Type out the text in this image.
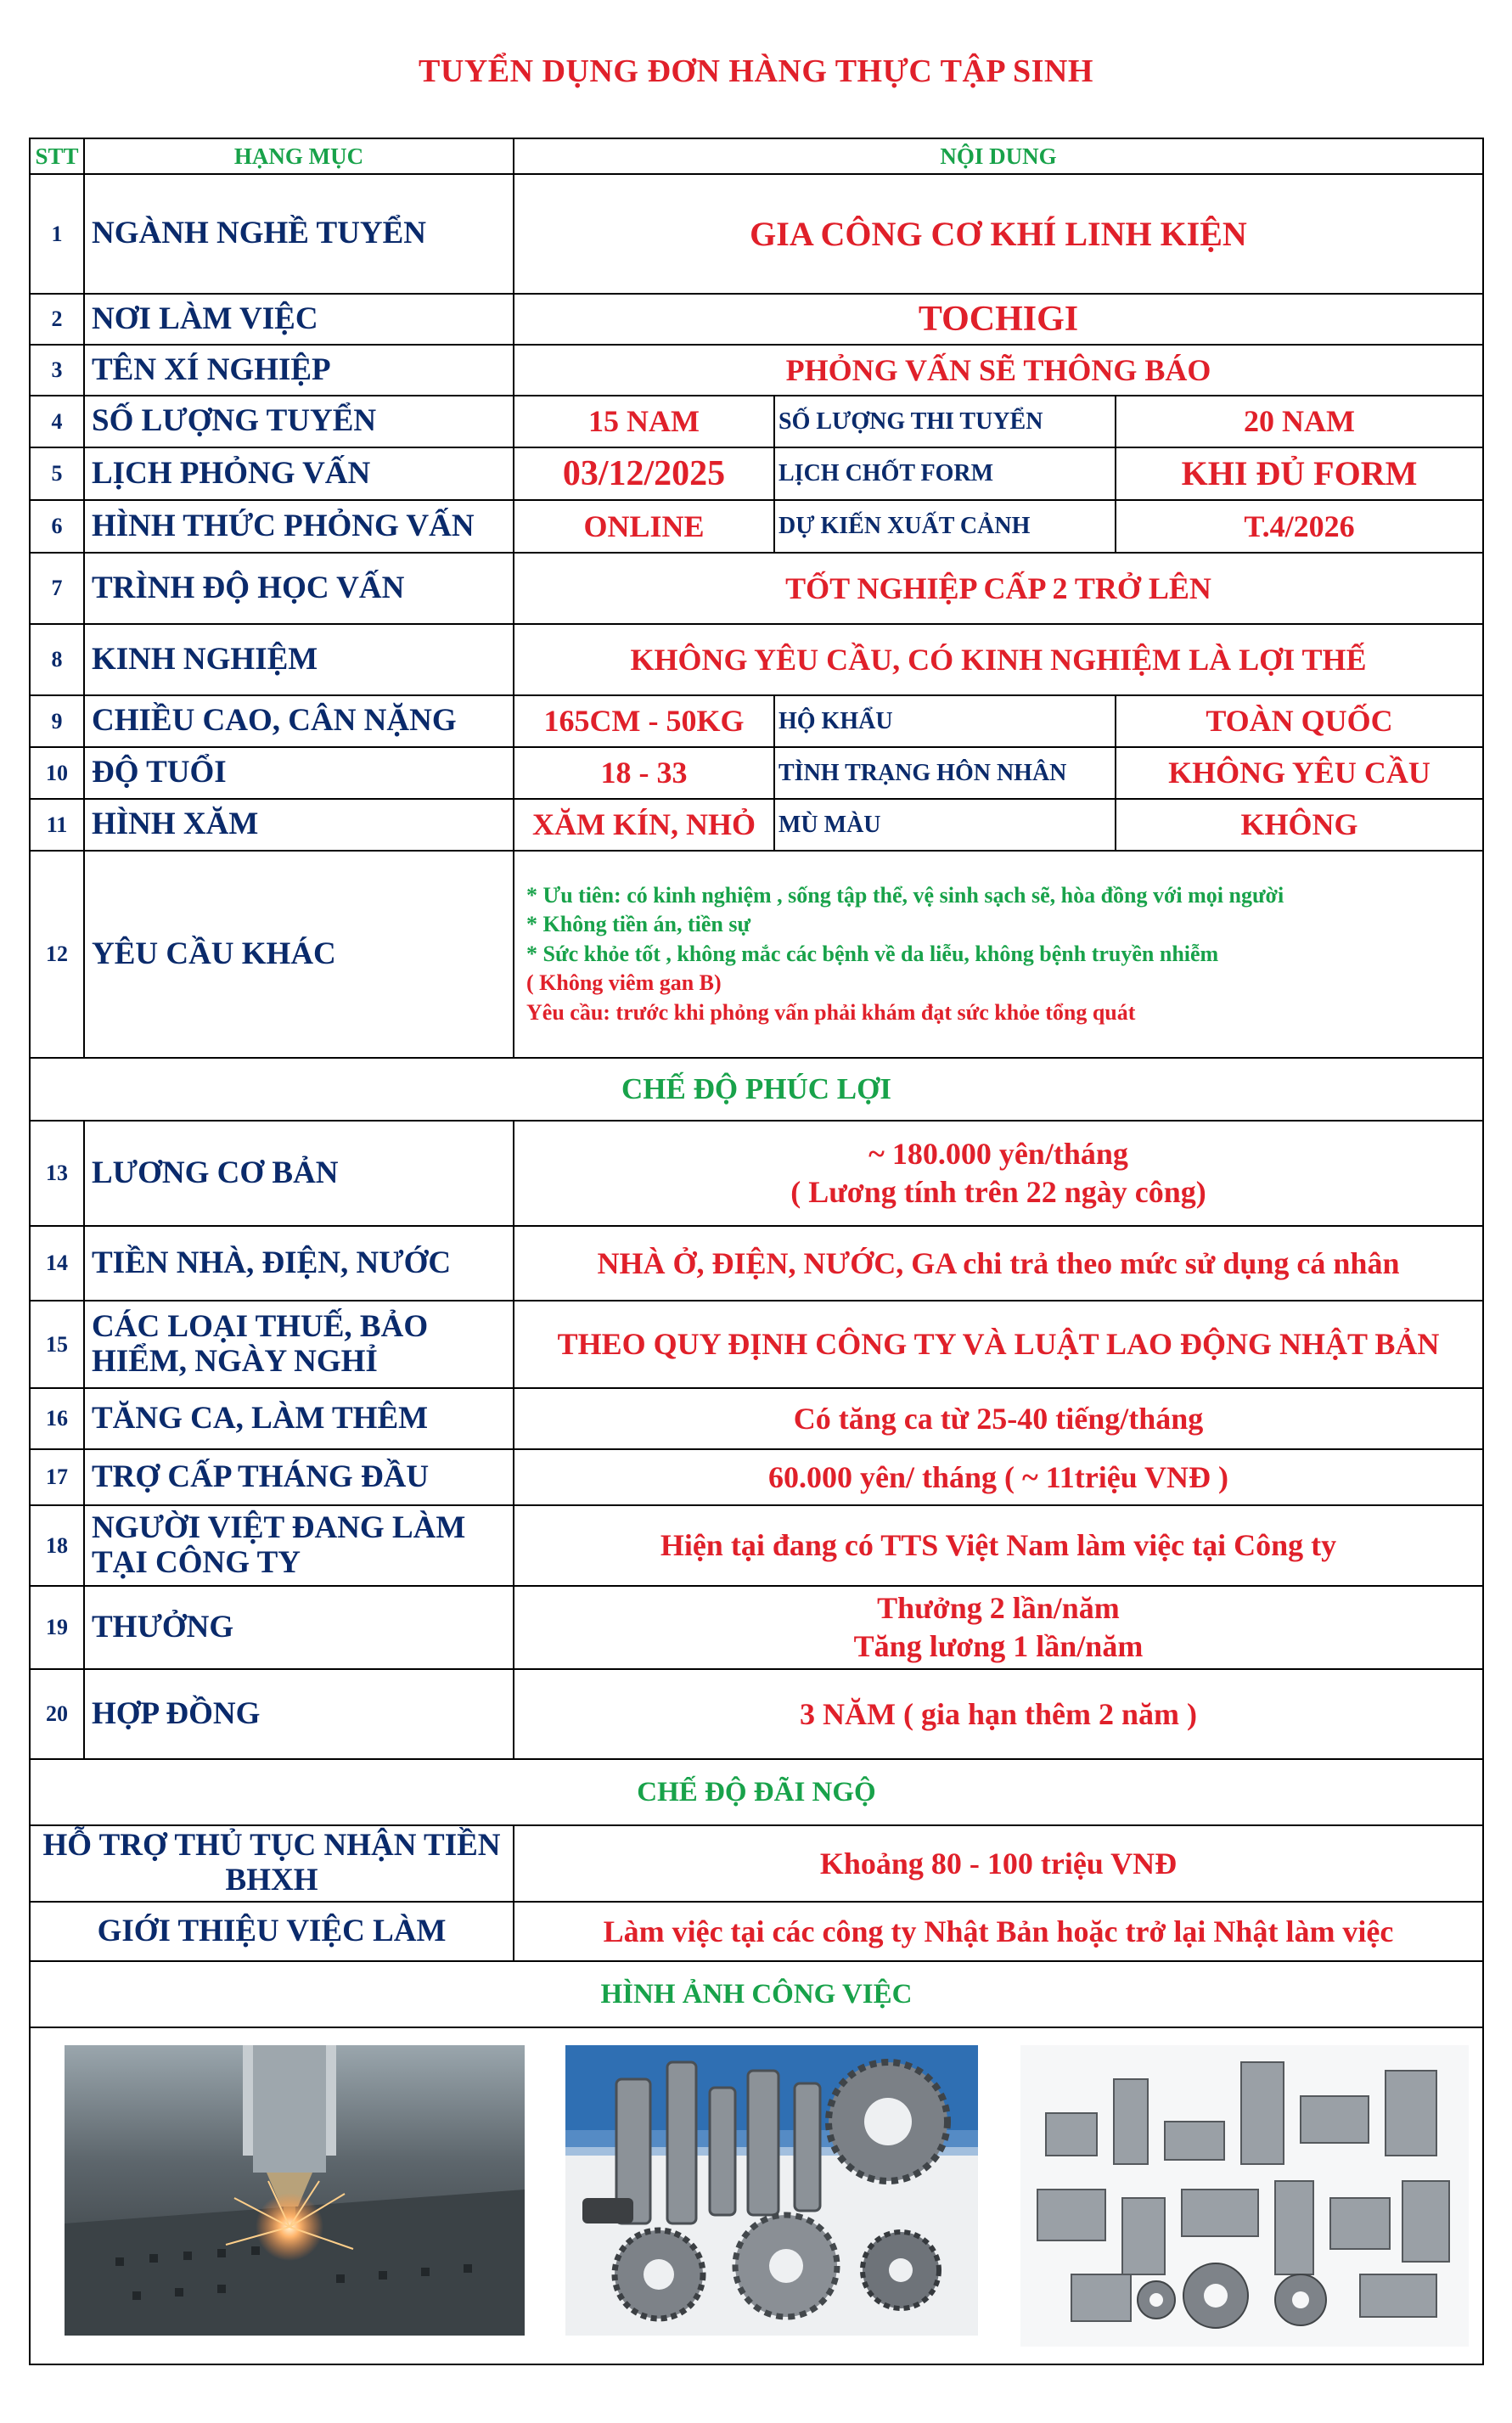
TUYỂN DỤNG ĐƠN HÀNG THỰC TẬP SINH
STT	HẠNG MỤC	NỘI DUNG		
1	NGÀNH NGHỀ TUYỂN	GIA CÔNG CƠ KHÍ LINH KIỆN		
2	NƠI LÀM VIỆC	TOCHIGI		
3	TÊN XÍ NGHIỆP	PHỎNG VẤN SẼ THÔNG BÁO		
4	SỐ LƯỢNG TUYỂN	15 NAM	SỐ LƯỢNG THI TUYỂN	20 NAM
5	LỊCH PHỎNG VẤN	03/12/2025	LỊCH CHỐT FORM	KHI ĐỦ FORM
6	HÌNH THỨC PHỎNG VẤN	ONLINE	DỰ KIẾN XUẤT CẢNH	T.4/2026
7	TRÌNH ĐỘ HỌC VẤN	TỐT NGHIỆP CẤP 2 TRỞ LÊN		
8	KINH NGHIỆM	KHÔNG YÊU CẦU, CÓ KINH NGHIỆM LÀ LỢI THẾ		
9	CHIỀU CAO, CÂN NẶNG	165CM - 50KG	HỘ KHẨU	TOÀN QUỐC
10	ĐỘ TUỔI	18 - 33	TÌNH TRẠNG HÔN NHÂN	KHÔNG YÊU CẦU
11	HÌNH XĂM	XĂM KÍN, NHỎ	MÙ MÀU	KHÔNG
12	YÊU CẦU KHÁC	* Ưu tiên: có kinh nghiệm , sống tập thể, vệ sinh sạch sẽ, hòa đồng với mọi người
* Không tiền án, tiền sự
* Sức khỏe tốt , không mắc các bệnh về da liễu, không bệnh truyền nhiễm
( Không viêm gan B)
Yêu cầu: trước khi phỏng vấn phải khám đạt sức khỏe tổng quát		

CHẾ ĐỘ PHÚC LỢI				
13	LƯƠNG CƠ BẢN	~ 180.000 yên/tháng
( Lương tính trên 22 ngày công)		

14	TIỀN NHÀ, ĐIỆN, NƯỚC	NHÀ Ở, ĐIỆN, NƯỚC, GA chi trả theo mức sử dụng cá nhân		
15	CÁC LOẠI THUẾ, BẢO
HIỂM, NGÀY NGHỈ	THEO QUY ĐỊNH CÔNG TY VÀ LUẬT LAO ĐỘNG NHẬT BẢN		
16	TĂNG CA, LÀM THÊM	Có tăng ca từ 25-40 tiếng/tháng		
17	TRỢ CẤP THÁNG ĐẦU	60.000 yên/ tháng ( ~ 11triệu VNĐ )		
18	NGƯỜI VIỆT ĐANG LÀM
TẠI CÔNG TY	Hiện tại đang có TTS Việt Nam làm việc tại Công ty		
19	THƯỞNG	Thưởng 2 lần/năm
Tăng lương 1 lần/năm		

20	HỢP ĐỒNG	3 NĂM ( gia hạn thêm 2 năm )		
CHẾ ĐỘ ĐÃI NGỘ				

HỖ TRỢ THỦ TỤC NHẬN TIỀN
BHXH		Khoảng 80 - 100 triệu VNĐ		
GIỚI THIỆU VIỆC LÀM		Làm việc tại các công ty Nhật Bản hoặc trở lại Nhật làm việc		
HÌNH ẢNH CÔNG VIỆC				
